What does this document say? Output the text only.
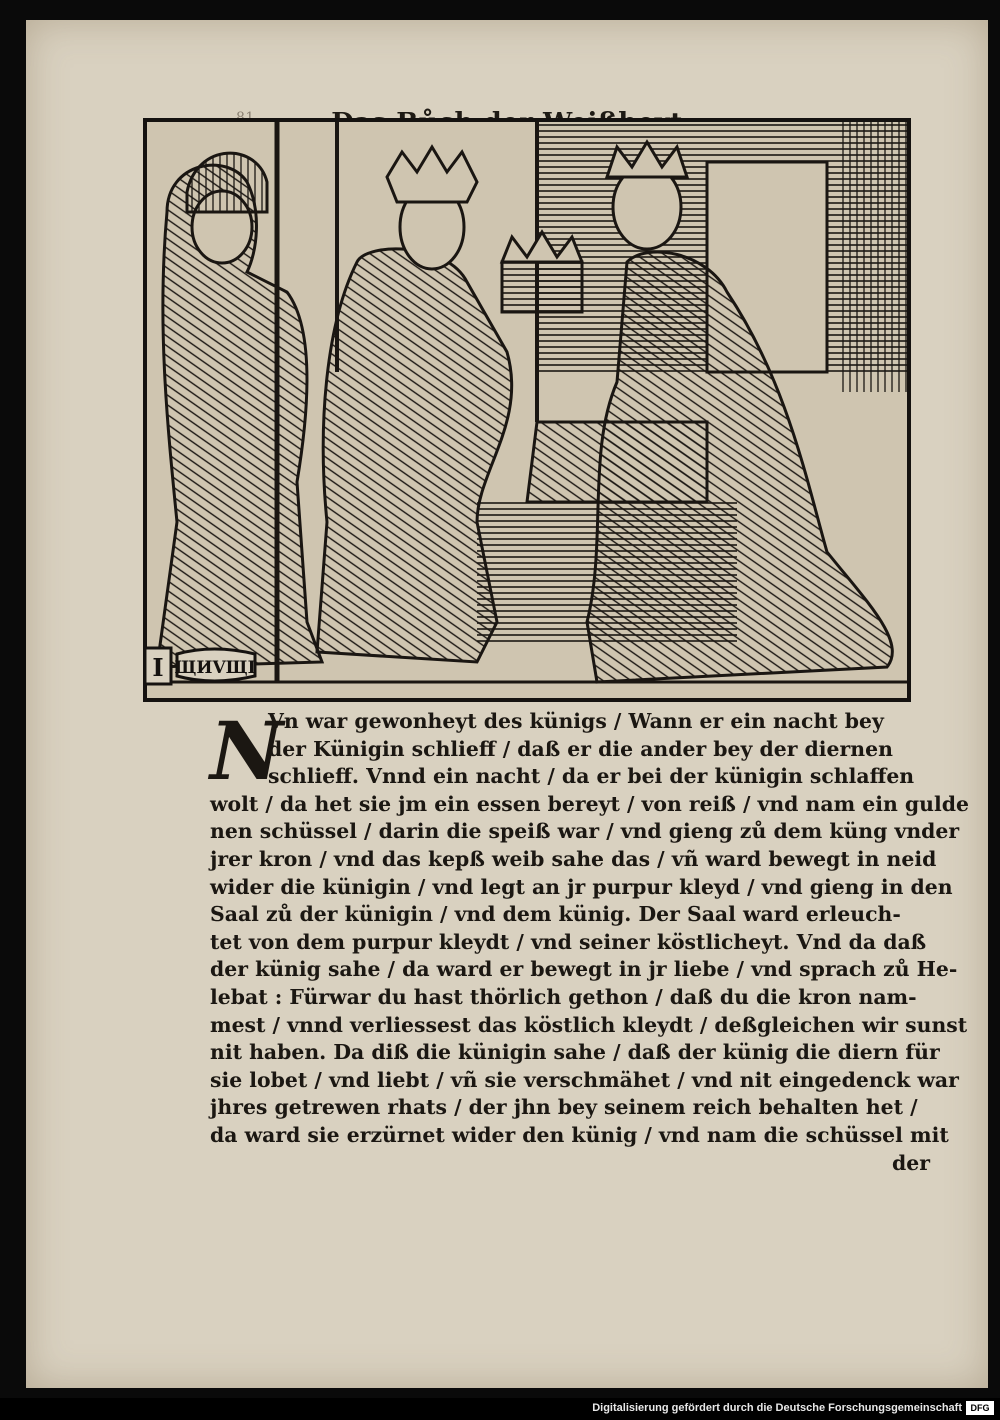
I ЩИVЩI
N
Vn war gewonheyt des künigs / Wann er ein nacht bey
der Künigin schlieff / daß er die ander bey der diernen
schlieff. Vnnd ein nacht / da er bei der künigin schlaffen
wolt / da het sie jm ein essen bereyt / von reiß / vnd nam ein gulde
nen schüssel / darin die speiß war / vnd gieng zů dem küng vnder
jrer kron / vnd das kepß weib sahe das / vñ ward bewegt in neid
wider die künigin / vnd legt an jr purpur kleyd / vnd gieng in den
Saal zů der künigin / vnd dem künig. Der Saal ward erleuch-
tet von dem purpur kleydt / vnd seiner köstlicheyt. Vnd da daß
der künig sahe / da ward er bewegt in jr liebe / vnd sprach zů He-
lebat : Fürwar du hast thörlich gethon / daß du die kron nam-
mest / vnnd verliessest das köstlich kleydt / deßgleichen wir sunst
nit haben. Da diß die künigin sahe / daß der künig die diern für
sie lobet / vnd liebt / vñ sie verschmähet / vnd nit eingedenck war
jhres getrewen rhats / der jhn bey seinem reich behalten het /
da ward sie erzürnet wider den künig / vnd nam die schüssel mit
der
Digitalisierung gefördert durch die Deutsche Forschungsgemeinschaft DFG
